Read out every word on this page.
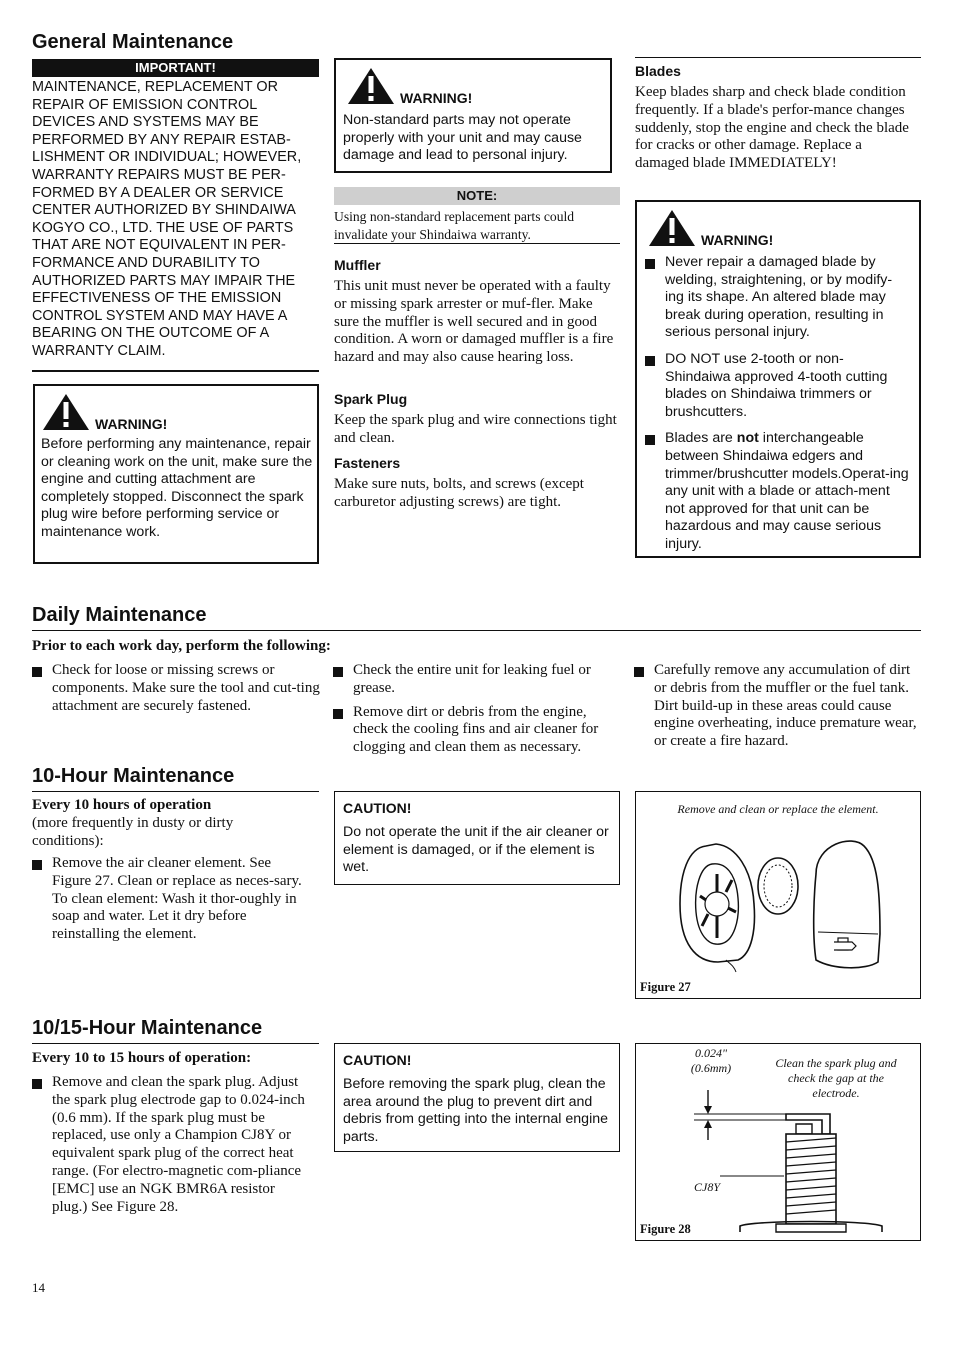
General Maintenance
IMPORTANT!
MAINTENANCE, REPLACEMENT OR REPAIR OF EMISSION CONTROL DEVICES AND SYSTEMS MAY BE PERFORMED BY ANY REPAIR ESTAB-LISHMENT OR INDIVIDUAL; HOWEVER, WARRANTY REPAIRS MUST BE PER-FORMED BY A DEALER OR SERVICE CENTER AUTHORIZED BY SHINDAIWA KOGYO CO., LTD. THE USE OF PARTS THAT ARE NOT EQUIVALENT IN PER-FORMANCE AND DURABILITY TO AUTHORIZED PARTS MAY IMPAIR THE EFFECTIVENESS OF THE EMISSION CONTROL SYSTEM AND MAY HAVE A BEARING ON THE OUTCOME OF A WARRANTY CLAIM.
WARNING!
Before performing any maintenance, repair or cleaning work on the unit, make sure the engine and cutting attachment are completely stopped. Disconnect the spark plug wire before performing service or maintenance work.
WARNING!
Non-standard parts may not operate properly with your unit and may cause damage and lead to personal injury.
NOTE:
Using non-standard replacement parts could invalidate your Shindaiwa warranty.
Muffler
This unit must never be operated with a faulty or missing spark arrester or muf-fler. Make sure the muffler is well secured and in good condition. A worn or damaged muffler is a fire hazard and may also cause hearing loss.
Spark Plug
Keep the spark plug and wire connections tight and clean.
Fasteners
Make sure nuts, bolts, and screws (except carburetor adjusting screws) are tight.
Blades
Keep blades sharp and check blade condition frequently. If a blade's perfor-mance changes suddenly, stop the engine and check the blade for cracks or other damage. Replace a damaged blade IMMEDIATELY!
WARNING!
Never repair a damaged blade by welding, straightening, or by modify-ing its shape. An altered blade may break during operation, resulting in serious personal injury.
DO NOT use 2-tooth or non-Shindaiwa approved 4-tooth cutting blades on Shindaiwa trimmers or brushcutters.
Blades are not interchangeable between Shindaiwa edgers and trimmer/brushcutter models.Operat-ing any unit with a blade or attach-ment not approved for that unit can be hazardous and may cause serious injury.
Daily Maintenance
Prior to each work day, perform the following:
Check for loose or missing screws or components. Make sure the tool and cut-ting attachment are securely fastened.
Check the entire unit for leaking fuel or grease.
Remove dirt or debris from the engine, check the cooling fins and air cleaner for clogging and clean them as necessary.
Carefully remove any accumulation of dirt or debris from the muffler or the fuel tank. Dirt build-up in these areas could cause engine overheating, induce premature wear, or create a fire hazard.
10-Hour Maintenance
Every 10 hours of operation
(more frequently in dusty or dirty conditions):
Remove the air cleaner element. See Figure 27. Clean or replace as neces-sary. To clean element: Wash it thor-oughly in soap and water. Let it dry before reinstalling the element.
CAUTION!
Do not operate the unit if the air cleaner or element is damaged, or if the element is wet.
Remove and clean or replace the element.
Figure 27
10/15-Hour Maintenance
Every 10 to 15 hours of operation:
Remove and clean the spark plug. Adjust the spark plug electrode gap to 0.024-inch (0.6 mm). If the spark plug must be replaced, use only a Champion CJ8Y or equivalent spark plug of the correct heat range. (For electro-magnetic com-pliance [EMC] use an NGK BMR6A resistor plug.) See Figure 28.
CAUTION!
Before removing the spark plug, clean the area around the plug to prevent dirt and debris from getting into the internal engine parts.
0.024"
(0.6mm)	Clean the spark plug and check the gap at the electrode.
CJ8Y
Figure 28
14
